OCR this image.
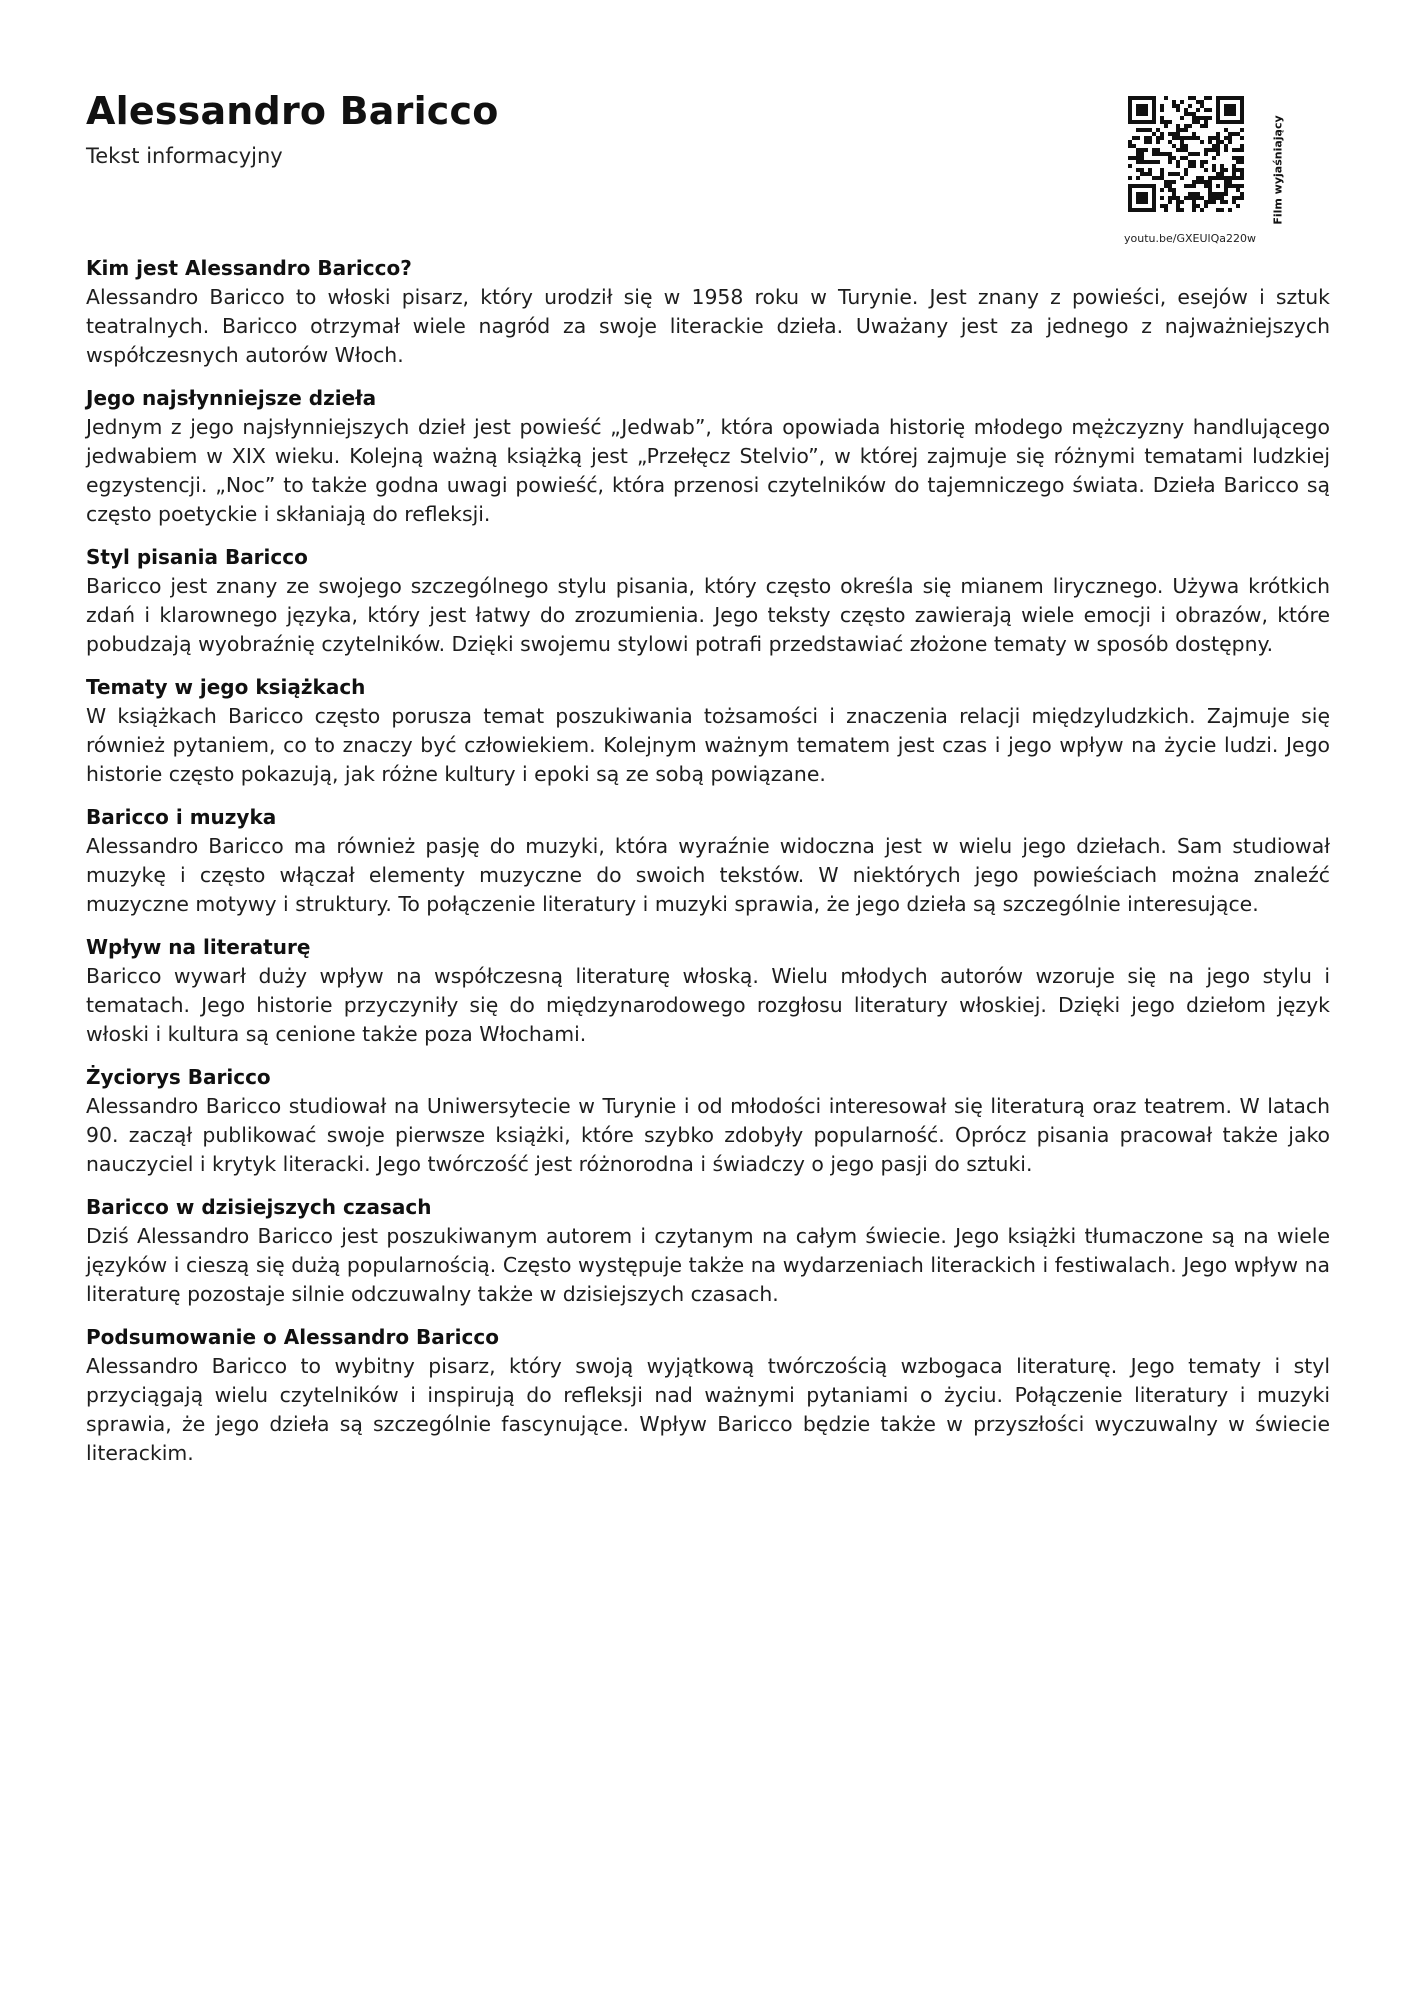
Alessandro Baricco
Tekst informacyjny	Film wyjaśniający
youtu.be/GXEUlQa220w
Kim jest Alessandro Baricco?

Alessandro Baricco to włoski pisarz, który urodził się w 1958 roku w Turynie. Jest znany z powieści, esejów i sztuk teatralnych. Baricco otrzymał wiele nagród za swoje literackie dzieła. Uważany jest za jednego z najważniejszych współczesnych autorów Włoch.

Jego najsłynniejsze dzieła

Jednym z jego najsłynniejszych dzieł jest powieść „Jedwab”, która opowiada historię młodego mężczyzny handlującego jedwabiem w XIX wieku. Kolejną ważną książką jest „Przełęcz Stelvio”, w której zajmuje się różnymi tematami ludzkiej egzystencji. „Noc” to także godna uwagi powieść, która przenosi czytelników do tajemniczego świata. Dzieła Baricco są często poetyckie i skłaniają do refleksji.

Styl pisania Baricco

Baricco jest znany ze swojego szczególnego stylu pisania, który często określa się mianem lirycznego. Używa krótkich zdań i klarownego języka, który jest łatwy do zrozumienia. Jego teksty często zawierają wiele emocji i obrazów, które pobudzają wyobraźnię czytelników. Dzięki swojemu stylowi potrafi przedstawiać złożone tematy w sposób dostępny.

Tematy w jego książkach

W książkach Baricco często porusza temat poszukiwania tożsamości i znaczenia relacji międzyludzkich. Zajmuje się również pytaniem, co to znaczy być człowiekiem. Kolejnym ważnym tematem jest czas i jego wpływ na życie ludzi. Jego historie często pokazują, jak różne kultury i epoki są ze sobą powiązane.

Baricco i muzyka

Alessandro Baricco ma również pasję do muzyki, która wyraźnie widoczna jest w wielu jego dziełach. Sam studiował muzykę i często włączał elementy muzyczne do swoich tekstów. W niektórych jego powieściach można znaleźć muzyczne motywy i struktury. To połączenie literatury i muzyki sprawia, że jego dzieła są szczególnie interesujące.

Wpływ na literaturę

Baricco wywarł duży wpływ na współczesną literaturę włoską. Wielu młodych autorów wzoruje się na jego stylu i tematach. Jego historie przyczyniły się do międzynarodowego rozgłosu literatury włoskiej. Dzięki jego dziełom język włoski i kultura są cenione także poza Włochami.

Życiorys Baricco

Alessandro Baricco studiował na Uniwersytecie w Turynie i od młodości interesował się literaturą oraz teatrem. W latach 90. zaczął publikować swoje pierwsze książki, które szybko zdobyły popularność. Oprócz pisania pracował także jako nauczyciel i krytyk literacki. Jego twórczość jest różnorodna i świadczy o jego pasji do sztuki.

Baricco w dzisiejszych czasach

Dziś Alessandro Baricco jest poszukiwanym autorem i czytanym na całym świecie. Jego książki tłumaczone są na wiele języków i cieszą się dużą popularnością. Często występuje także na wydarzeniach literackich i festiwalach. Jego wpływ na literaturę pozostaje silnie odczuwalny także w dzisiejszych czasach.

Podsumowanie o Alessandro Baricco

Alessandro Baricco to wybitny pisarz, który swoją wyjątkową twórczością wzbogaca literaturę. Jego tematy i styl przyciągają wielu czytelników i inspirują do refleksji nad ważnymi pytaniami o życiu. Połączenie literatury i muzyki sprawia, że jego dzieła są szczególnie fascynujące. Wpływ Baricco będzie także w przyszłości wyczuwalny w świecie literackim.
